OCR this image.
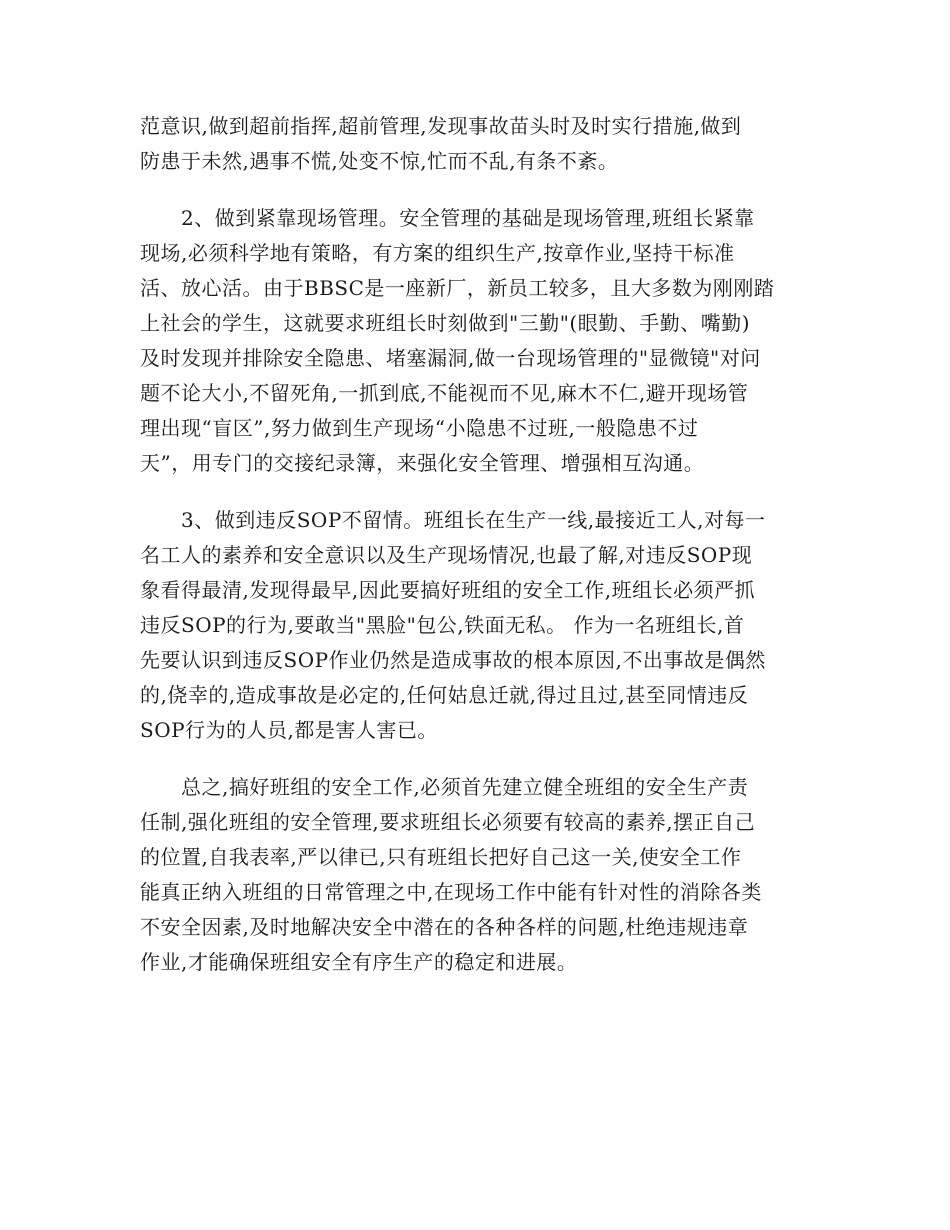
范意识,做到超前指挥,超前管理,发现事故苗头时及时实行措施,做到
防患于未然,遇事不慌,处变不惊,忙而不乱,有条不紊。
　　2、做到紧靠现场管理。安全管理的基础是现场管理,班组长紧靠
现场,必须科学地有策略，有方案的组织生产,按章作业,坚持干标准
活、放心活。由于BBSC是一座新厂，新员工较多，且大多数为刚刚踏
上社会的学生，这就要求班组长时刻做到"三勤"(眼勤、手勤、嘴勤)
及时发现并排除安全隐患、堵塞漏洞,做一台现场管理的"显微镜"对问
题不论大小,不留死角,一抓到底,不能视而不见,麻木不仁,避开现场管
理出现“盲区”,努力做到生产现场“小隐患不过班,一般隐患不过
天”，用专门的交接纪录簿，来强化安全管理、增强相互沟通。
　　3、做到违反SOP不留情。班组长在生产一线,最接近工人,对每一
名工人的素养和安全意识以及生产现场情况,也最了解,对违反SOP现
象看得最清,发现得最早,因此要搞好班组的安全工作,班组长必须严抓
违反SOP的行为,要敢当"黑脸"包公,铁面无私。 作为一名班组长,首
先要认识到违反SOP作业仍然是造成事故的根本原因,不出事故是偶然
的,侥幸的,造成事故是必定的,任何姑息迁就,得过且过,甚至同情违反
SOP行为的人员,都是害人害已。
　　总之,搞好班组的安全工作,必须首先建立健全班组的安全生产责
任制,强化班组的安全管理,要求班组长必须要有较高的素养,摆正自己
的位置,自我表率,严以律已,只有班组长把好自己这一关,使安全工作
能真正纳入班组的日常管理之中,在现场工作中能有针对性的消除各类
不安全因素,及时地解决安全中潜在的各种各样的问题,杜绝违规违章
作业,才能确保班组安全有序生产的稳定和进展。
